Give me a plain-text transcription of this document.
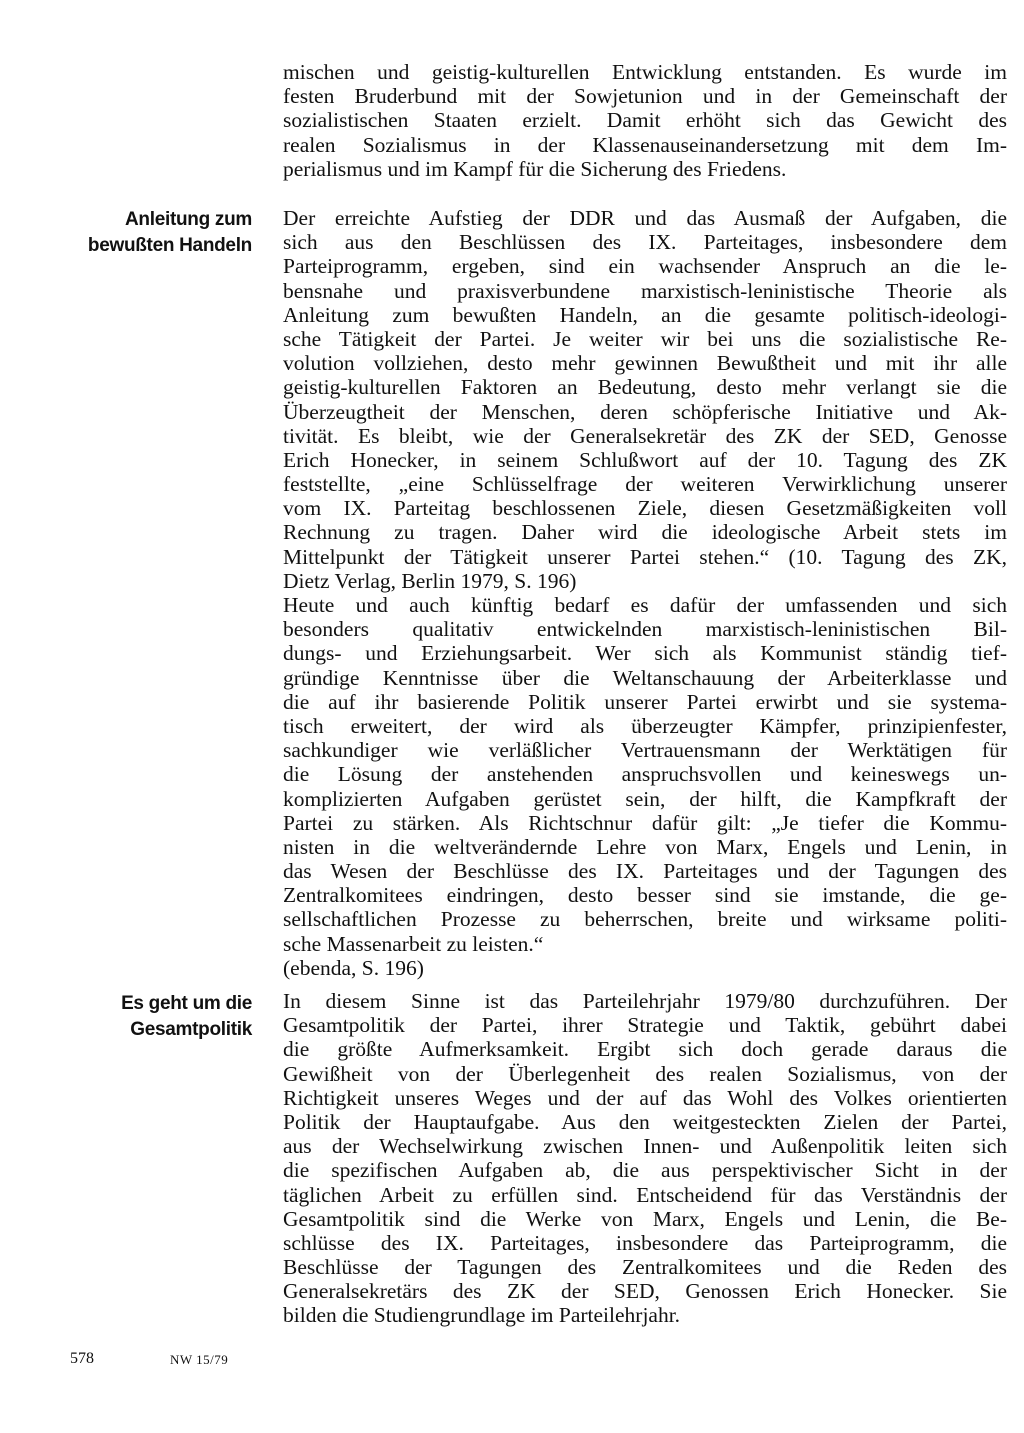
mischen und geistig-kulturellen Entwicklung entstanden. Es wurde im
festen Bruderbund mit der Sowjetunion und in der Gemeinschaft der
sozialistischen Staaten erzielt. Damit erhöht sich das Gewicht des
realen Sozialismus in der Klassenauseinandersetzung mit dem Im-
perialismus und im Kampf für die Sicherung des Friedens.
Anleitung zum
bewußten Handeln
Der erreichte Aufstieg der DDR und das Ausmaß der Aufgaben, die
sich aus den Beschlüssen des IX. Parteitages, insbesondere dem
Parteiprogramm, ergeben, sind ein wachsender Anspruch an die le-
bensnahe und praxisverbundene marxistisch-leninistische Theorie als
Anleitung zum bewußten Handeln, an die gesamte politisch-ideologi-
sche Tätigkeit der Partei. Je weiter wir bei uns die sozialistische Re-
volution vollziehen, desto mehr gewinnen Bewußtheit und mit ihr alle
geistig-kulturellen Faktoren an Bedeutung, desto mehr verlangt sie die
Überzeugtheit der Menschen, deren schöpferische Initiative und Ak-
tivität. Es bleibt, wie der Generalsekretär des ZK der SED, Genosse
Erich Honecker, in seinem Schlußwort auf der 10. Tagung des ZK
feststellte, „eine Schlüsselfrage der weiteren Verwirklichung unserer
vom IX. Parteitag beschlossenen Ziele, diesen Gesetzmäßigkeiten voll
Rechnung zu tragen. Daher wird die ideologische Arbeit stets im
Mittelpunkt der Tätigkeit unserer Partei stehen.“ (10. Tagung des ZK,
Dietz Verlag, Berlin 1979, S. 196)
Heute und auch künftig bedarf es dafür der umfassenden und sich
besonders qualitativ entwickelnden marxistisch-leninistischen Bil-
dungs- und Erziehungsarbeit. Wer sich als Kommunist ständig tief-
gründige Kenntnisse über die Weltanschauung der Arbeiterklasse und
die auf ihr basierende Politik unserer Partei erwirbt und sie systema-
tisch erweitert, der wird als überzeugter Kämpfer, prinzipienfester,
sachkundiger wie verläßlicher Vertrauensmann der Werktätigen für
die Lösung der anstehenden anspruchsvollen und keineswegs un-
komplizierten Aufgaben gerüstet sein, der hilft, die Kampfkraft der
Partei zu stärken. Als Richtschnur dafür gilt: „Je tiefer die Kommu-
nisten in die weltverändernde Lehre von Marx, Engels und Lenin, in
das Wesen der Beschlüsse des IX. Parteitages und der Tagungen des
Zentralkomitees eindringen, desto besser sind sie imstande, die ge-
sellschaftlichen Prozesse zu beherrschen, breite und wirksame politi-
sche Massenarbeit zu leisten.“
(ebenda, S. 196)
Es geht um die
Gesamtpolitik
In diesem Sinne ist das Parteilehrjahr 1979/80 durchzuführen. Der
Gesamtpolitik der Partei, ihrer Strategie und Taktik, gebührt dabei
die größte Aufmerksamkeit. Ergibt sich doch gerade daraus die
Gewißheit von der Überlegenheit des realen Sozialismus, von der
Richtigkeit unseres Weges und der auf das Wohl des Volkes orientierten
Politik der Hauptaufgabe. Aus den weitgesteckten Zielen der Partei,
aus der Wechselwirkung zwischen Innen- und Außenpolitik leiten sich
die spezifischen Aufgaben ab, die aus perspektivischer Sicht in der
täglichen Arbeit zu erfüllen sind. Entscheidend für das Verständnis der
Gesamtpolitik sind die Werke von Marx, Engels und Lenin, die Be-
schlüsse des IX. Parteitages, insbesondere das Parteiprogramm, die
Beschlüsse der Tagungen des Zentralkomitees und die Reden des
Generalsekretärs des ZK der SED, Genossen Erich Honecker. Sie
bilden die Studiengrundlage im Parteilehrjahr.
578	NW 15/79
